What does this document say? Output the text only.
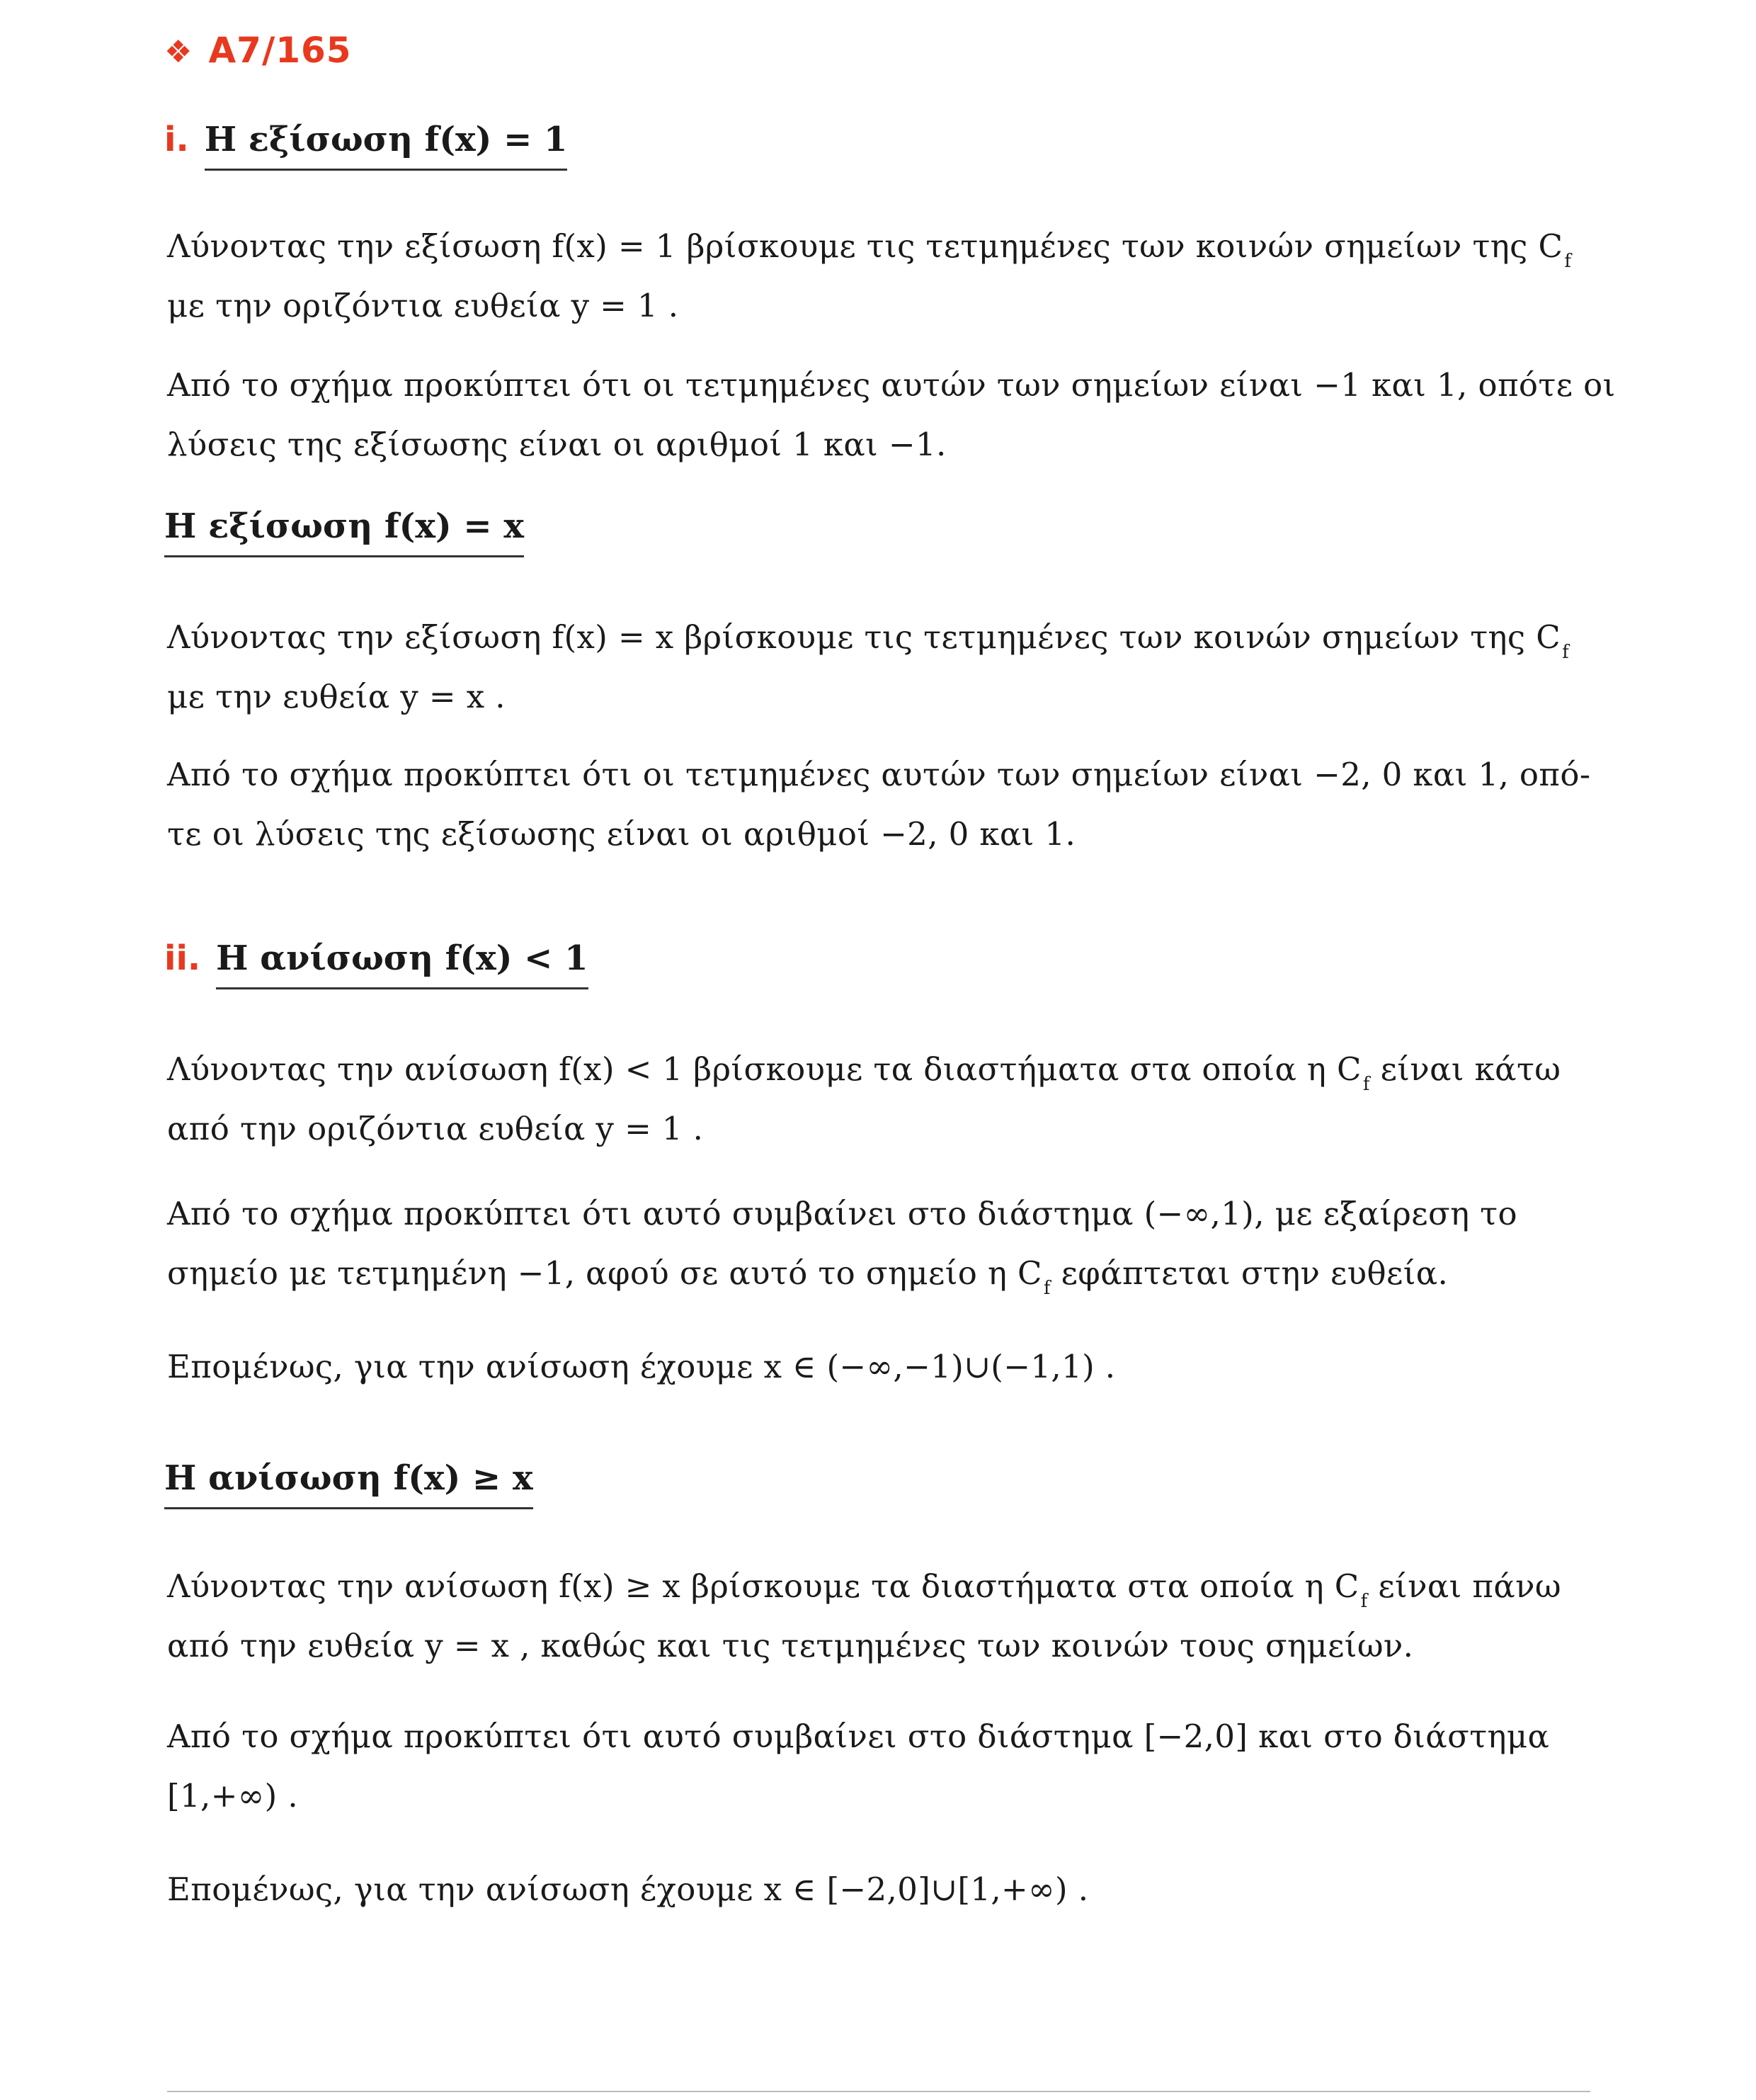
❖ Α7/165
i. Η εξίσωση f(x) = 1
Λύνοντας την εξίσωση f(x) = 1 βρίσκουμε τις τετμημένες των κοινών σημείων της $C_f$
με την οριζόντια ευθεία y = 1 .
Από το σχήμα προκύπτει ότι οι τετμημένες αυτών των σημείων είναι −1 και 1, οπότε οι
λύσεις της εξίσωσης είναι οι αριθμοί 1 και −1.
Η εξίσωση f(x) = x
Λύνοντας την εξίσωση f(x) = x βρίσκουμε τις τετμημένες των κοινών σημείων της $C_f$
με την ευθεία y = x .
Από το σχήμα προκύπτει ότι οι τετμημένες αυτών των σημείων είναι −2, 0 και 1, οπό-
τε οι λύσεις της εξίσωσης είναι οι αριθμοί −2, 0 και 1.
ii. Η ανίσωση f(x) < 1
Λύνοντας την ανίσωση f(x) < 1 βρίσκουμε τα διαστήματα στα οποία η $C_f$ είναι κάτω
από την οριζόντια ευθεία y = 1 .
Από το σχήμα προκύπτει ότι αυτό συμβαίνει στο διάστημα (−∞,1), με εξαίρεση το
σημείο με τετμημένη −1, αφού σε αυτό το σημείο η $C_f$ εφάπτεται στην ευθεία.
Επομένως, για την ανίσωση έχουμε x ∈ (−∞,−1)∪(−1,1) .
Η ανίσωση f(x) ≥ x
Λύνοντας την ανίσωση f(x) ≥ x βρίσκουμε τα διαστήματα στα οποία η $C_f$ είναι πάνω
από την ευθεία y = x , καθώς και τις τετμημένες των κοινών τους σημείων.
Από το σχήμα προκύπτει ότι αυτό συμβαίνει στο διάστημα [−2,0] και στο διάστημα
[1,+∞) .
Επομένως, για την ανίσωση έχουμε x ∈ [−2,0]∪[1,+∞) .
